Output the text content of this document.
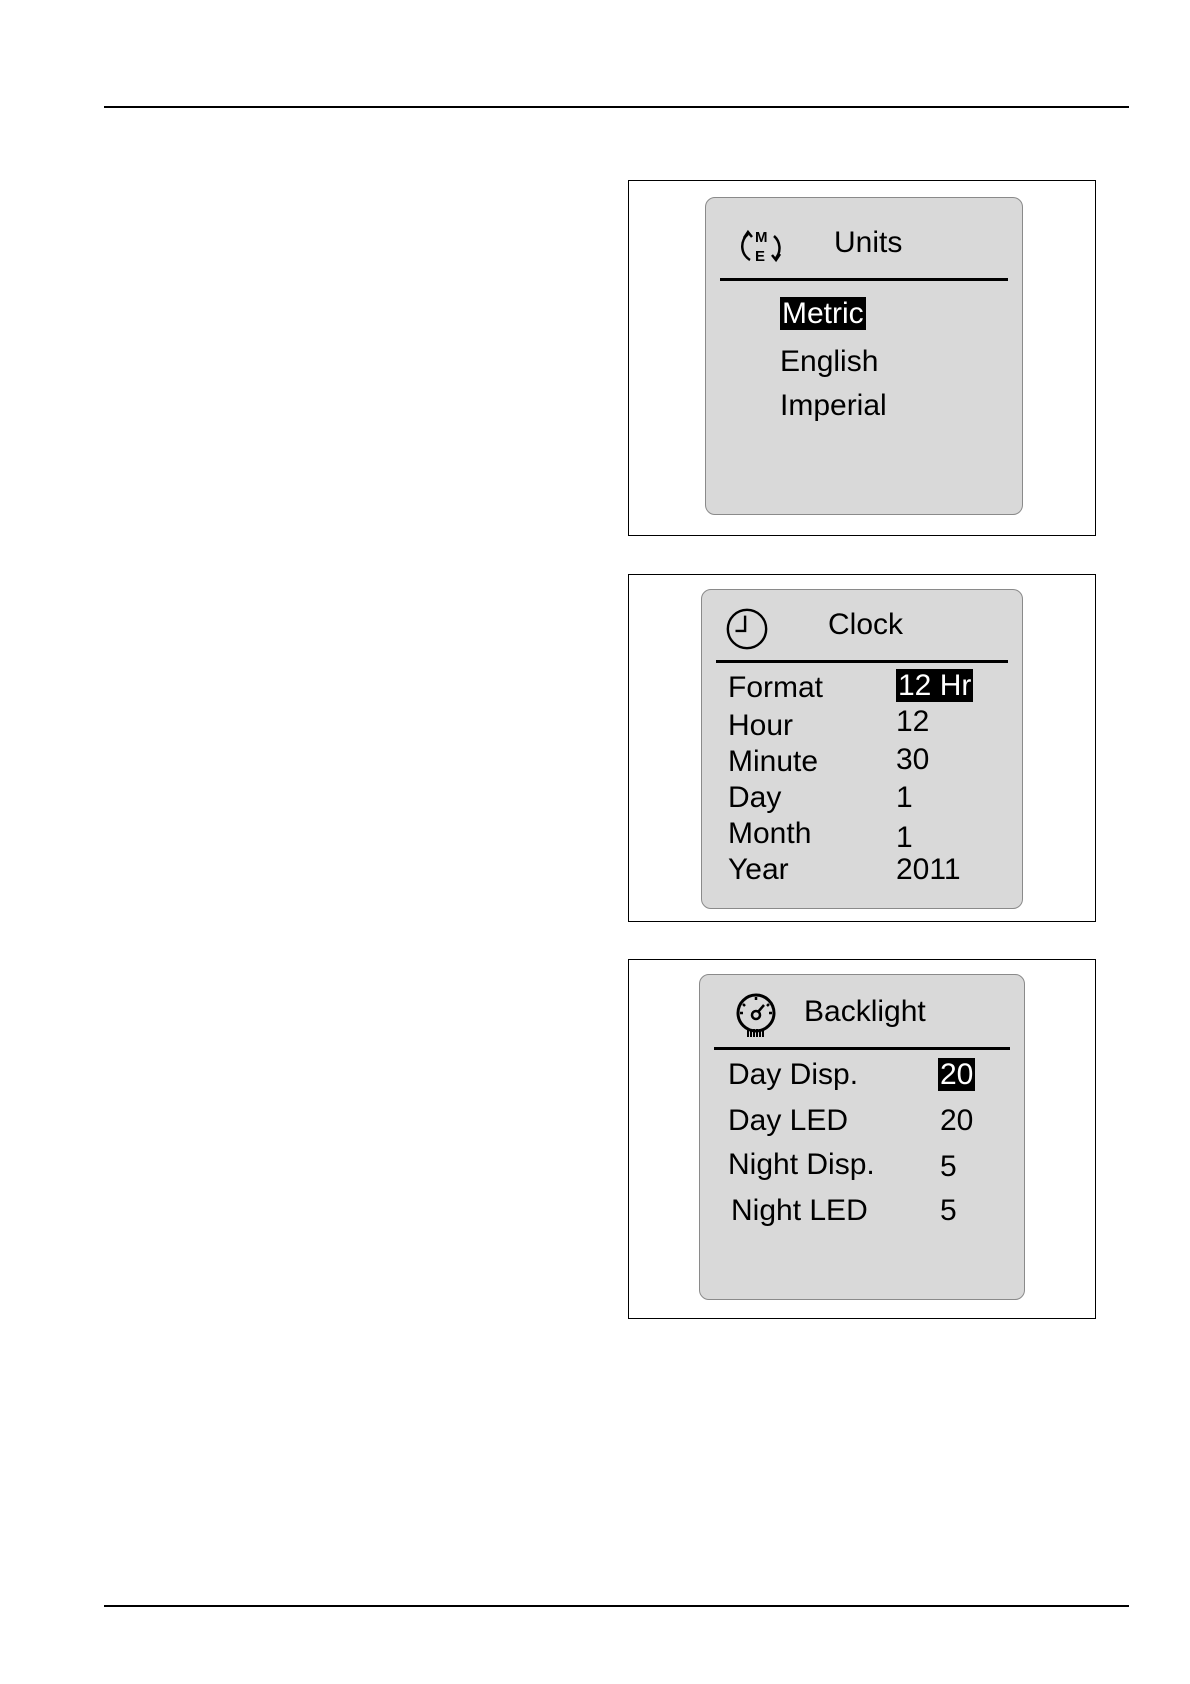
M
E Units
Metric
English
Imperial
Clock
Format 12 Hr
Hour	12
Minute	30
Day	1
Month	1
Year	2011
Backlight
Day Disp.	20
Day LED	20
Night Disp. 5
Night LED 5
